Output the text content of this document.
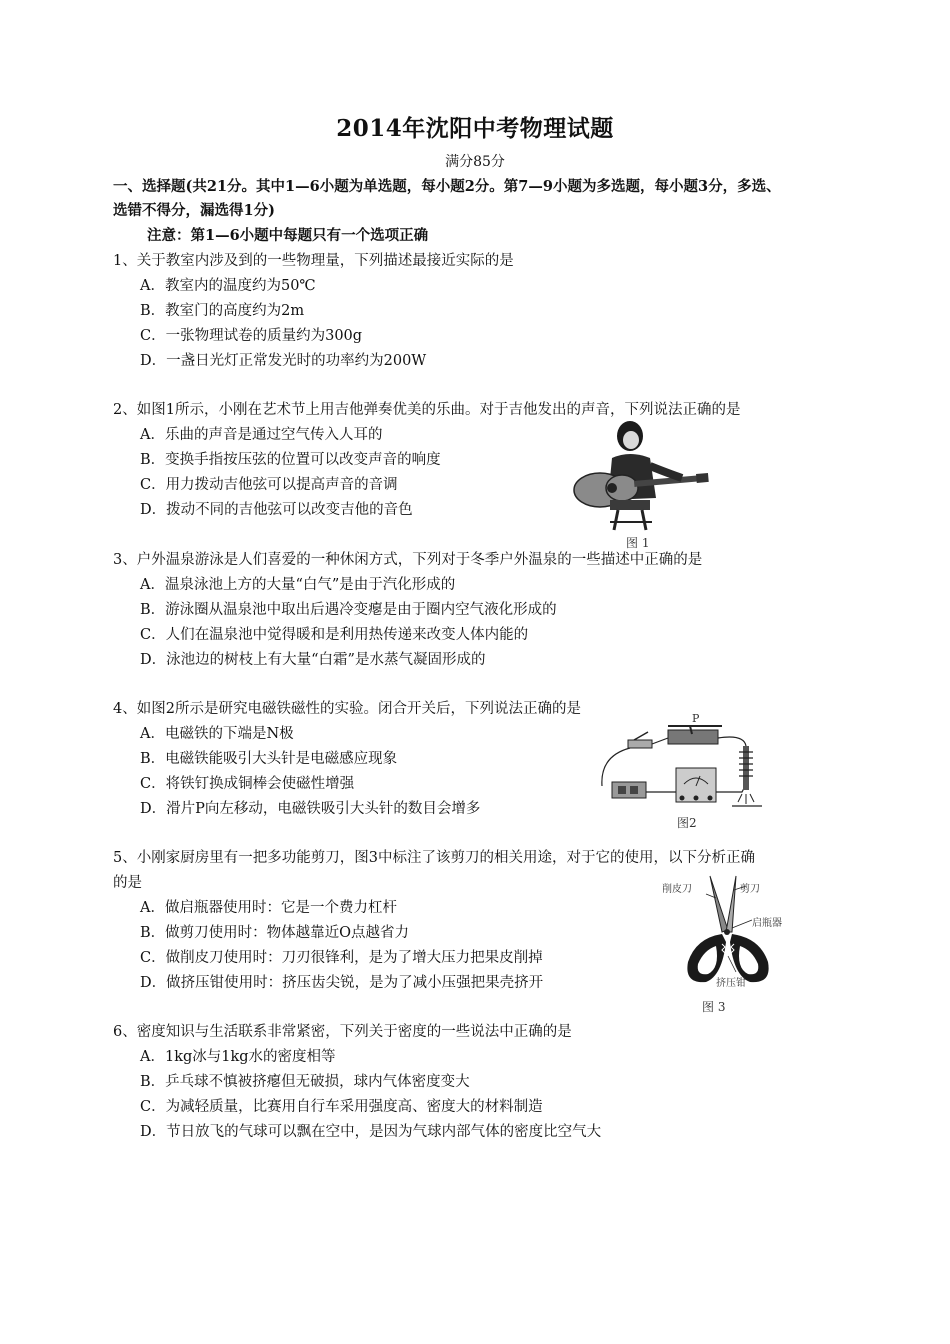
2014年沈阳中考物理试题
满分85分
一、选择题(共21分。其中1—6小题为单选题，每小题2分。第7—9小题为多选题，每小题3分，多选、
选错不得分，漏选得1分)
注意：第1—6小题中每题只有一个选项正确
1、关于教室内涉及到的一些物理量，下列描述最接近实际的是
A．教室内的温度约为50℃
B．教室门的高度约为2m
C．一张物理试卷的质量约为300g
D．一盏日光灯正常发光时的功率约为200W
2、如图1所示，小刚在艺术节上用吉他弹奏优美的乐曲。对于吉他发出的声音，下列说法正确的是
A．乐曲的声音是通过空气传入人耳的
B．变换手指按压弦的位置可以改变声音的响度
C．用力拨动吉他弦可以提高声音的音调
D．拨动不同的吉他弦可以改变吉他的音色
图 1
3、户外温泉游泳是人们喜爱的一种休闲方式，下列对于冬季户外温泉的一些描述中正确的是
A．温泉泳池上方的大量“白气”是由于汽化形成的
B．游泳圈从温泉池中取出后遇冷变瘪是由于圈内空气液化形成的
C．人们在温泉池中觉得暖和是利用热传递来改变人体内能的
D．泳池边的树枝上有大量“白霜”是水蒸气凝固形成的
4、如图2所示是研究电磁铁磁性的实验。闭合开关后，下列说法正确的是
A．电磁铁的下端是N极
B．电磁铁能吸引大头针是电磁感应现象
C．将铁钉换成铜棒会使磁性增强
D．滑片P向左移动，电磁铁吸引大头针的数目会增多
P
图2
5、小刚家厨房里有一把多功能剪刀，图3中标注了该剪刀的相关用途，对于它的使用，以下分析正确
的是
A．做启瓶器使用时：它是一个费力杠杆
B．做剪刀使用时：物体越靠近O点越省力
C．做削皮刀使用时：刀刃很锋利，是为了增大压力把果皮削掉
D．做挤压钳使用时：挤压齿尖锐，是为了减小压强把果壳挤开
削皮刀	剪刀
启瓶器
挤压钳
图 3
6、密度知识与生活联系非常紧密，下列关于密度的一些说法中正确的是
A．1kg冰与1kg水的密度相等
B．乒乓球不慎被挤瘪但无破损，球内气体密度变大
C．为减轻质量，比赛用自行车采用强度高、密度大的材料制造
D．节日放飞的气球可以飘在空中，是因为气球内部气体的密度比空气大
